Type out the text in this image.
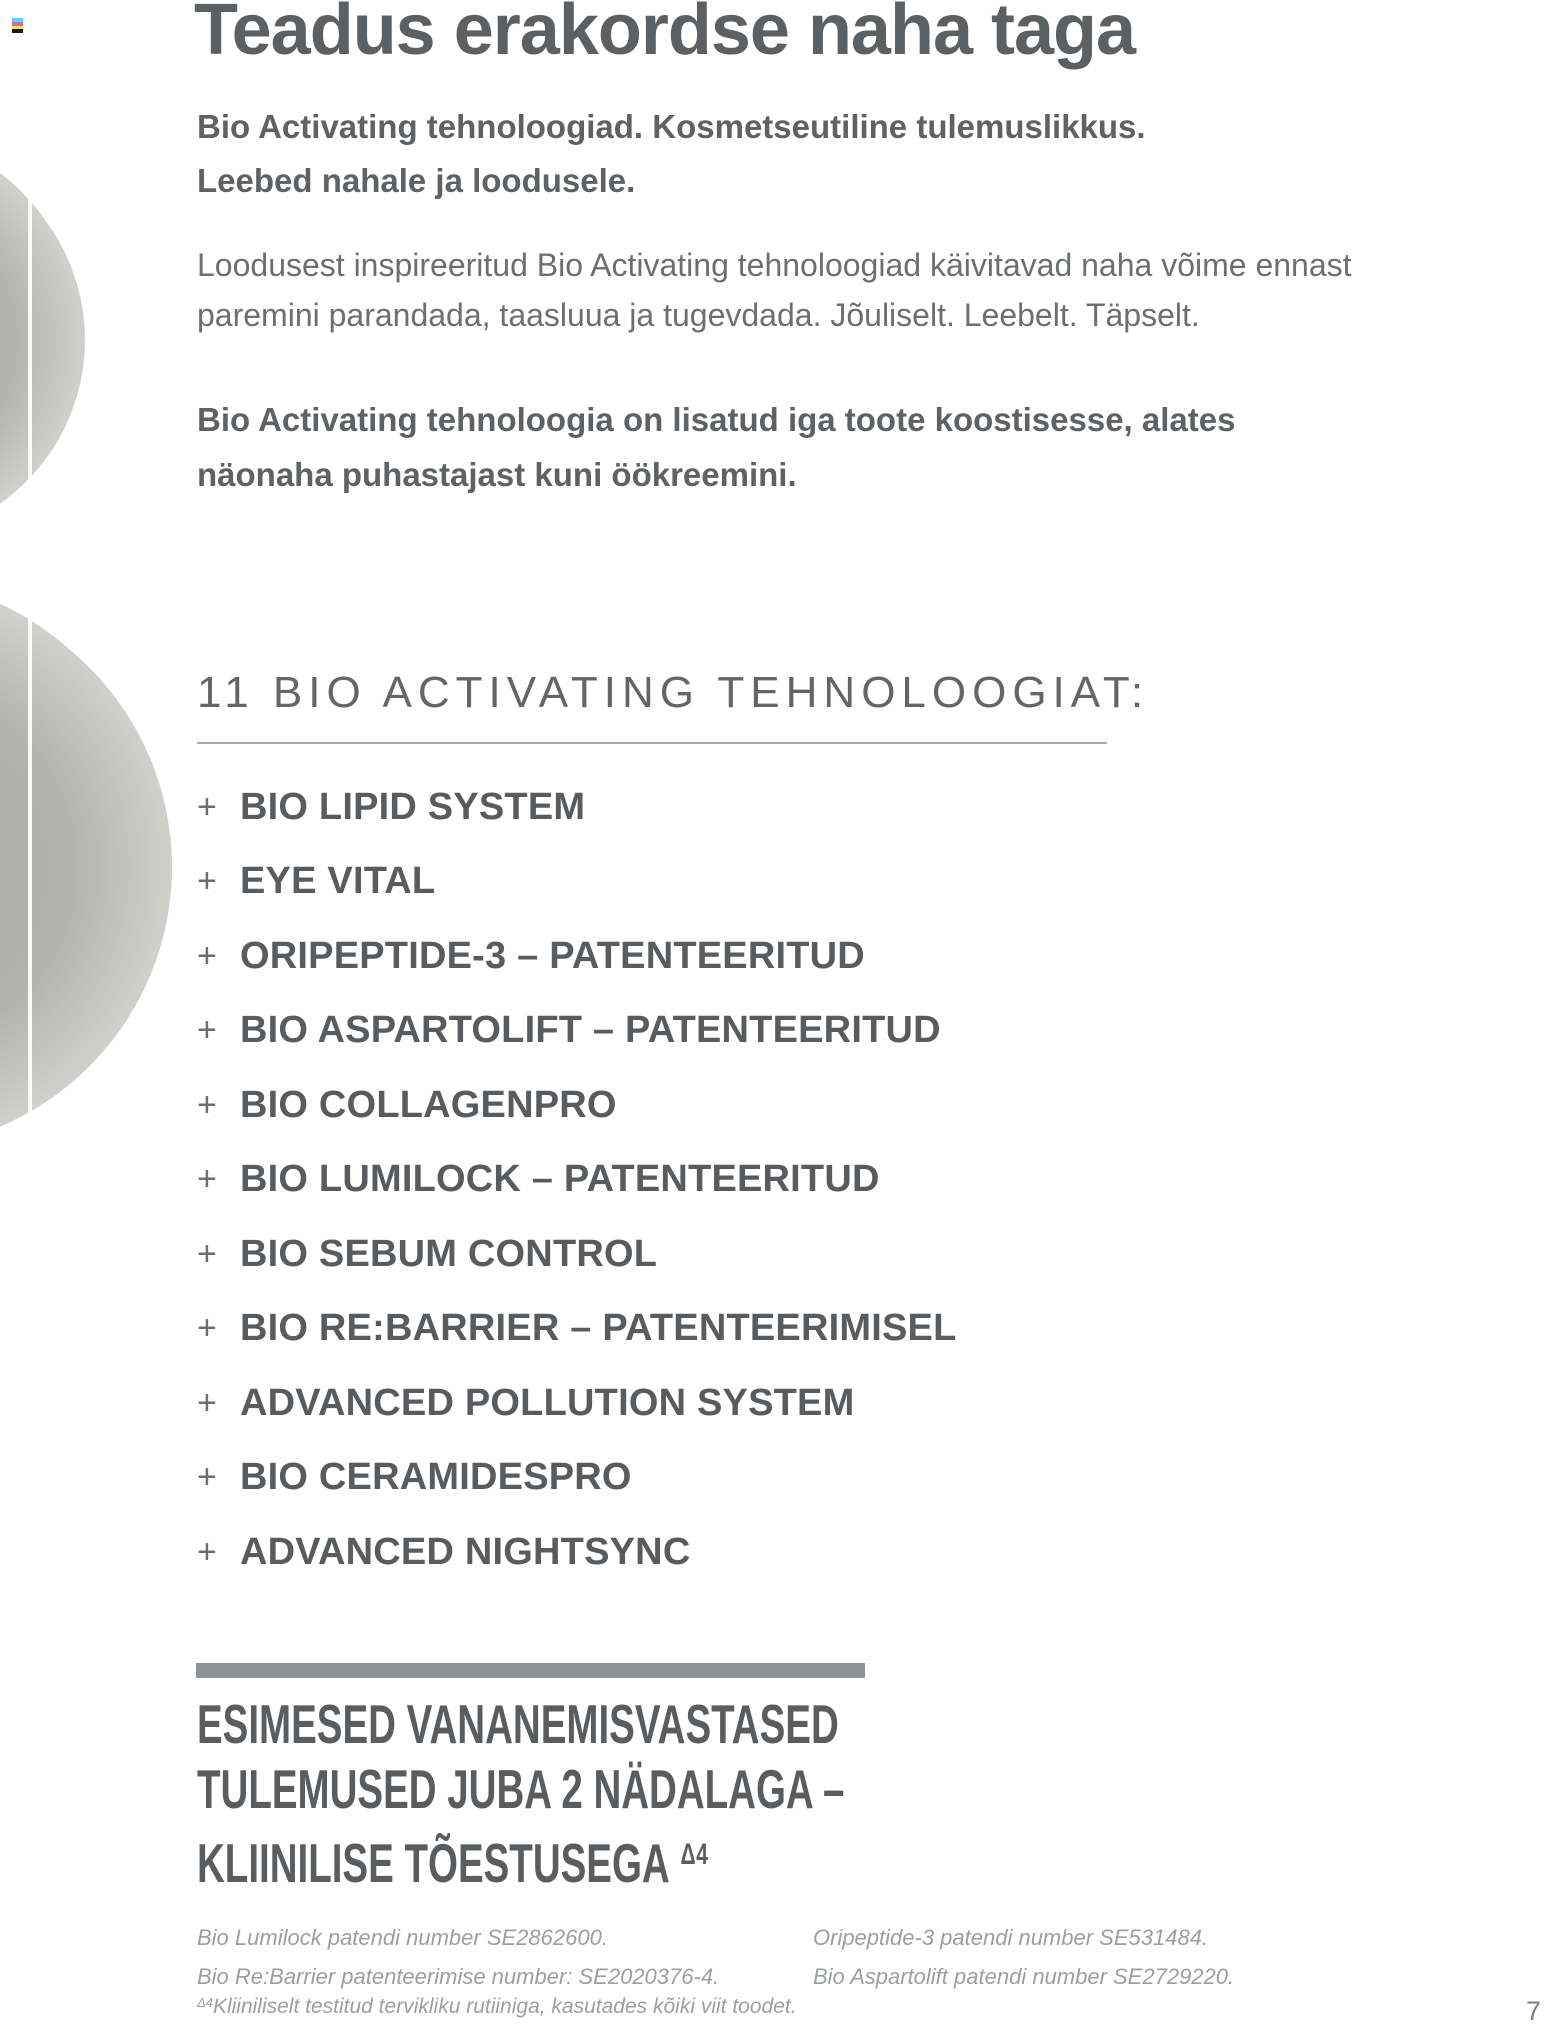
Teadus erakordse naha taga
Bio Activating tehnoloogiad. Kosmetseutiline tulemuslikkus.
Leebed nahale ja loodusele.
Loodusest inspireeritud Bio Activating tehnoloogiad käivitavad naha võime ennast
paremini parandada, taasluua ja tugevdada. Jõuliselt. Leebelt. Täpselt.
Bio Activating tehnoloogia on lisatud iga toote koostisesse, alates
näonaha puhastajast kuni öökreemini.
11 BIO ACTIVATING TEHNOLOOGIAT:
+ BIO LIPID SYSTEM
+ EYE VITAL
+ ORIPEPTIDE-3 – PATENTEERITUD
+ BIO ASPARTOLIFT – PATENTEERITUD
+ BIO COLLAGENPRO
+ BIO LUMILOCK – PATENTEERITUD
+ BIO SEBUM CONTROL
+ BIO RE:BARRIER – PATENTEERIMISEL
+ ADVANCED POLLUTION SYSTEM
+ BIO CERAMIDESPRO
+ ADVANCED NIGHTSYNC
ESIMESED VANANEMISVASTASED
TULEMUSED JUBA 2 NÄDALAGA –
KLIINILISE TÕESTUSEGA $^{\Delta 4}$
Bio Lumilock patendi number SE2862600.
Bio Re:Barrier patenteerimise number: SE2020376-4.
Oripeptide-3 patendi number SE531484.
Bio Aspartolift patendi number SE2729220.
$^{\Delta 4}$Kliiniliselt testitud tervikliku rutiiniga, kasutades kõiki viit toodet.	7
